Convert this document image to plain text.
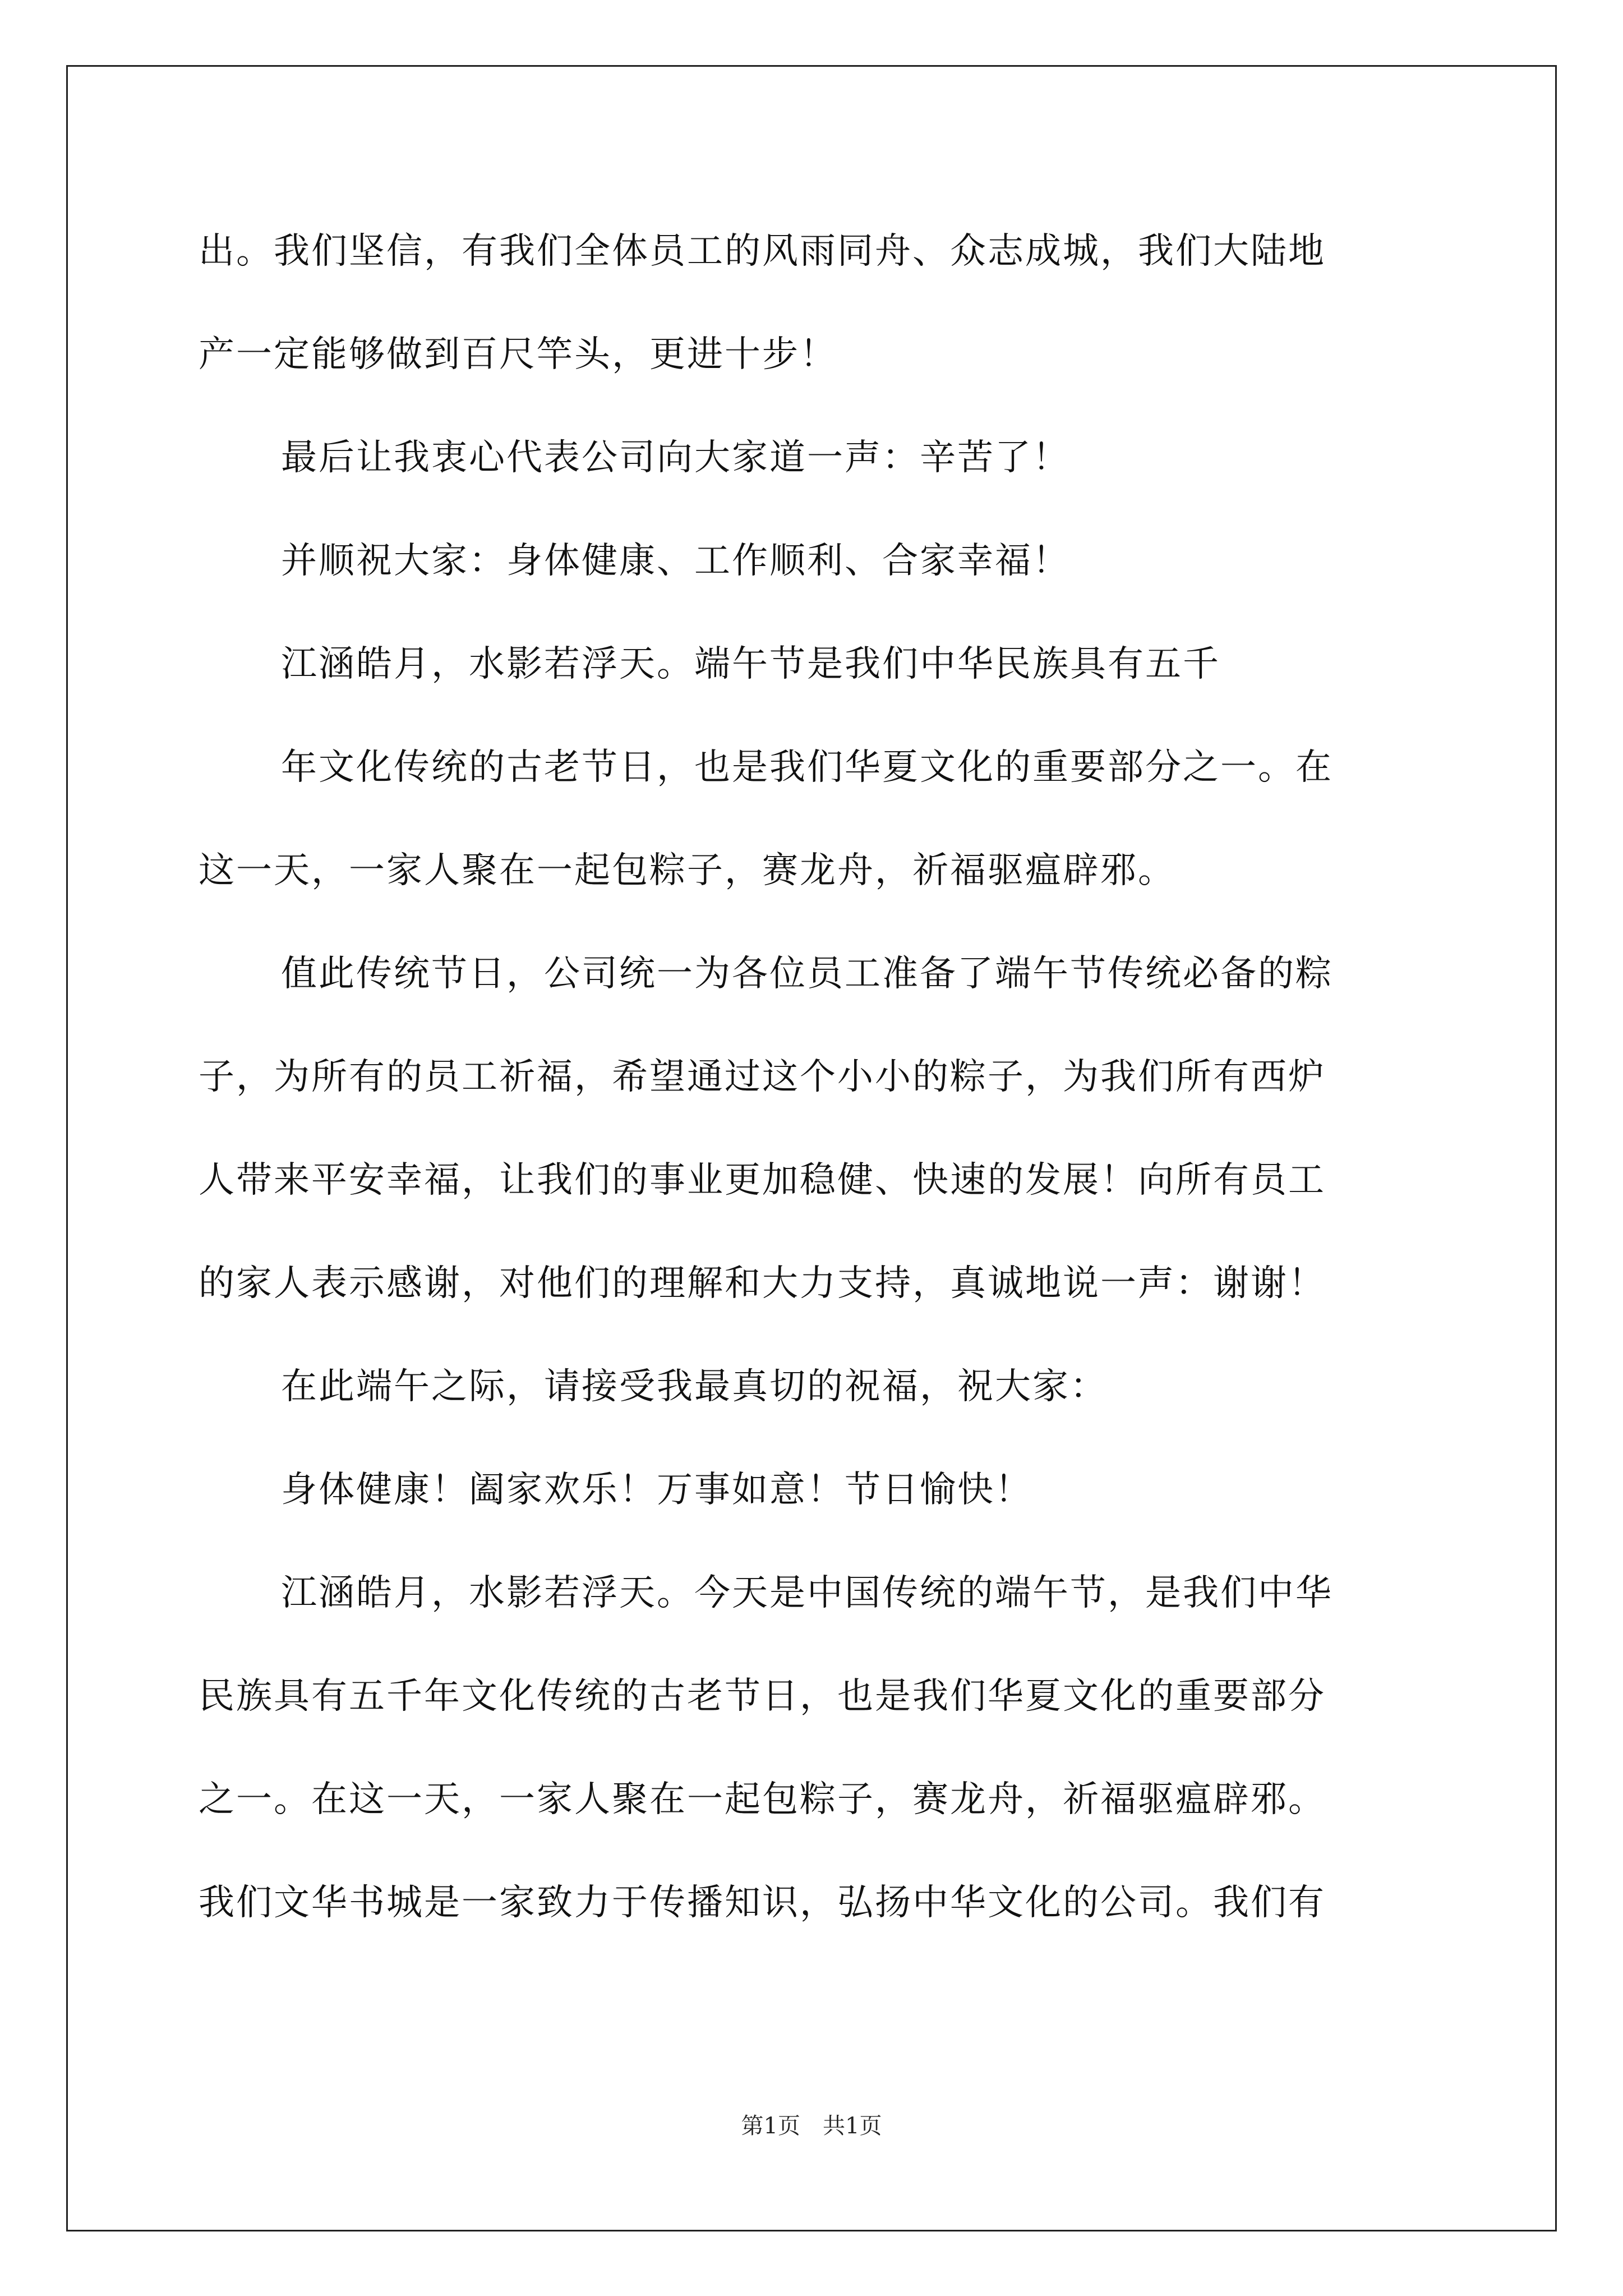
出。我们坚信，有我们全体员工的风雨同舟、众志成城，我们大陆地
产一定能够做到百尺竿头，更进十步！
最后让我衷心代表公司向大家道一声：辛苦了！
并顺祝大家：身体健康、工作顺利、合家幸福！
江涵皓月，水影若浮天。端午节是我们中华民族具有五千
年文化传统的古老节日，也是我们华夏文化的重要部分之一。在
这一天，一家人聚在一起包粽子，赛龙舟，祈福驱瘟辟邪。
值此传统节日，公司统一为各位员工准备了端午节传统必备的粽
子，为所有的员工祈福，希望通过这个小小的粽子，为我们所有西炉
人带来平安幸福，让我们的事业更加稳健、快速的发展！向所有员工
的家人表示感谢，对他们的理解和大力支持，真诚地说一声：谢谢！
在此端午之际，请接受我最真切的祝福，祝大家：
身体健康！阖家欢乐！万事如意！节日愉快！
江涵皓月，水影若浮天。今天是中国传统的端午节，是我们中华
民族具有五千年文化传统的古老节日，也是我们华夏文化的重要部分
之一。在这一天，一家人聚在一起包粽子，赛龙舟，祈福驱瘟辟邪。
我们文华书城是一家致力于传播知识，弘扬中华文化的公司。我们有
第1页　共1页
